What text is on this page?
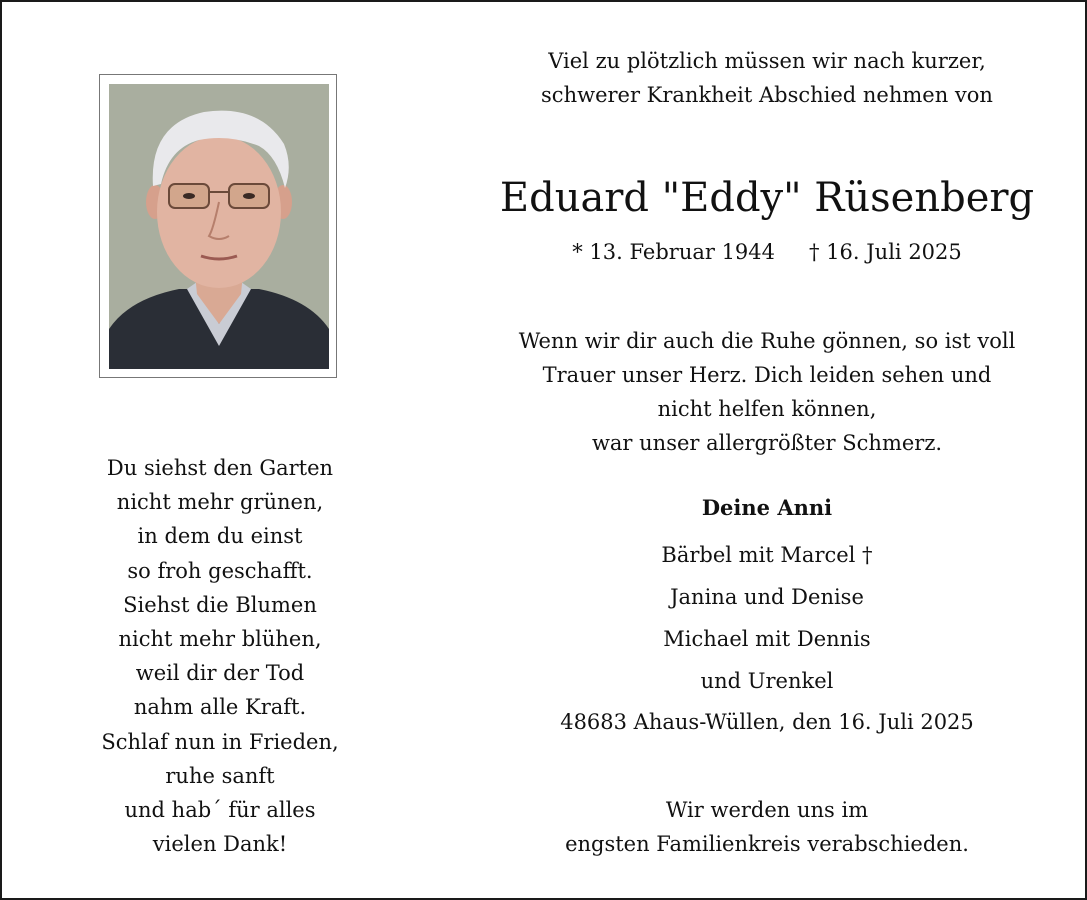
Du siehst den Garten
nicht mehr grünen,
in dem du einst
so froh geschafft.
Siehst die Blumen
nicht mehr blühen,
weil dir der Tod
nahm alle Kraft.
Schlaf nun in Frieden,
ruhe sanft
und hab´ für alles
vielen Dank!
Viel zu plötzlich müssen wir nach kurzer,
schwerer Krankheit Abschied nehmen von
Eduard "Eddy" Rüsenberg
* 13. Februar 1944 † 16. Juli 2025
Wenn wir dir auch die Ruhe gönnen, so ist voll
Trauer unser Herz. Dich leiden sehen und
nicht helfen können,
war unser allergrößter Schmerz.
Deine Anni
Bärbel mit Marcel †
Janina und Denise
Michael mit Dennis
und Urenkel
48683 Ahaus-Wüllen, den 16. Juli 2025
Wir werden uns im
engsten Familienkreis verabschieden.
